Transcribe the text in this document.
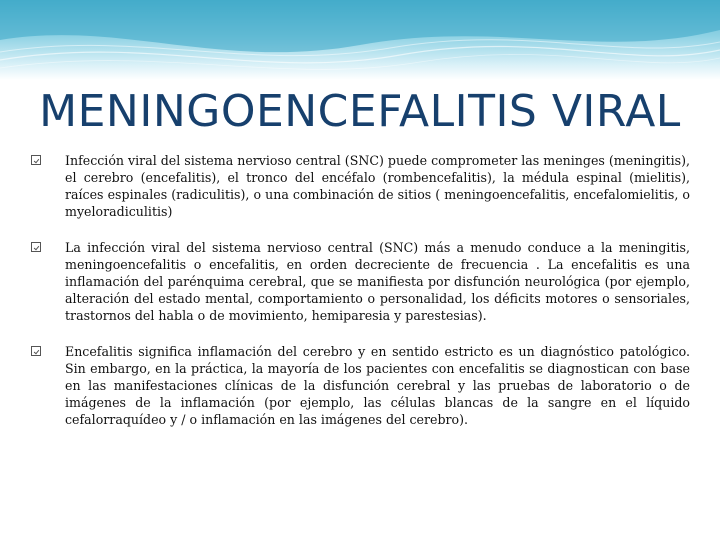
MENINGOENCEFALITIS VIRAL
Infección viral del sistema nervioso central (SNC) puede comprometer las meninges (meningitis), el cerebro (encefalitis), el tronco del encéfalo (rombencefalitis), la médula espinal (mielitis), raíces espinales (radiculitis), o una combinación de sitios ( meningoencefalitis, encefalomielitis, o myeloradiculitis)
La infección viral del sistema nervioso central (SNC) más a menudo conduce a la meningitis, meningoencefalitis o encefalitis, en orden decreciente de frecuencia . La encefalitis es una inflamación del parénquima cerebral, que se manifiesta por disfunción neurológica (por ejemplo, alteración del estado mental, comportamiento o personalidad, los déficits motores o sensoriales, trastornos del habla o de movimiento, hemiparesia y parestesias).
Encefalitis significa inflamación del cerebro y en sentido estricto es un diagnóstico patológico. Sin embargo, en la práctica, la mayoría de los pacientes con encefalitis se diagnostican con base en las manifestaciones clínicas de la disfunción cerebral y las pruebas de laboratorio o de imágenes de la inflamación (por ejemplo, las células blancas de la sangre en el líquido cefalorraquídeo y / o inflamación en las imágenes del cerebro).
